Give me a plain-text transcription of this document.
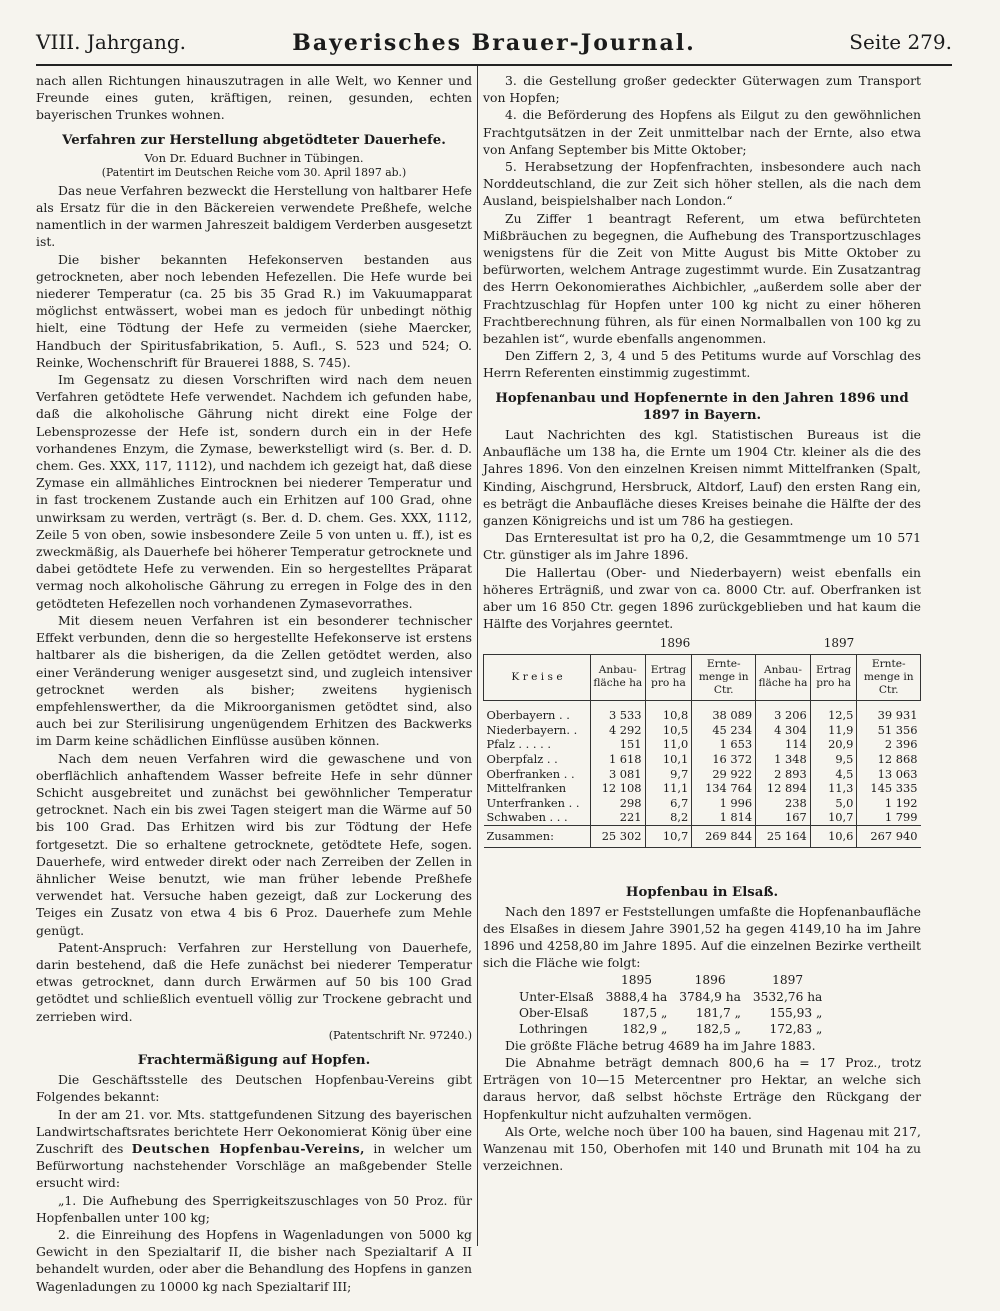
VIII. Jahrgang.	Bayerisches Brauer-Journal.	Seite 279.

nach allen Richtungen hinauszutragen in alle Welt, wo Kenner und Freunde eines guten, kräftigen, reinen, gesunden, echten bayerischen Trunkes wohnen.

Verfahren zur Herstellung abgetödteter Dauerhefe.
Von Dr. Eduard Buchner in Tübingen.
(Patentirt im Deutschen Reiche vom 30. April 1897 ab.)

Das neue Verfahren bezweckt die Herstellung von haltbarer Hefe als Ersatz für die in den Bäckereien verwendete Preßhefe, welche namentlich in der warmen Jahreszeit baldigem Verderben ausgesetzt ist.

Die bisher bekannten Hefekonserven bestanden aus getrockneten, aber noch lebenden Hefezellen. Die Hefe wurde bei niederer Temperatur (ca. 25 bis 35 Grad R.) im Vakuumapparat möglichst entwässert, wobei man es jedoch für unbedingt nöthig hielt, eine Tödtung der Hefe zu vermeiden (siehe Maercker, Handbuch der Spiritusfabrikation, 5. Aufl., S. 523 und 524; O. Reinke, Wochenschrift für Brauerei 1888, S. 745).

Im Gegensatz zu diesen Vorschriften wird nach dem neuen Verfahren getödtete Hefe verwendet. Nachdem ich gefunden habe, daß die alkoholische Gährung nicht direkt eine Folge der Lebensprozesse der Hefe ist, sondern durch ein in der Hefe vorhandenes Enzym, die Zymase, bewerkstelligt wird (s. Ber. d. D. chem. Ges. XXX, 117, 1112), und nachdem ich gezeigt hat, daß diese Zymase ein allmähliches Eintrocknen bei niederer Temperatur und in fast trockenem Zustande auch ein Erhitzen auf 100 Grad, ohne unwirksam zu werden, verträgt (s. Ber. d. D. chem. Ges. XXX, 1112, Zeile 5 von oben, sowie insbesondere Zeile 5 von unten u. ff.), ist es zweckmäßig, als Dauerhefe bei höherer Temperatur getrocknete und dabei getödtete Hefe zu verwenden. Ein so hergestelltes Präparat vermag noch alkoholische Gährung zu erregen in Folge des in den getödteten Hefezellen noch vorhandenen Zymasevorrathes.

Mit diesem neuen Verfahren ist ein besonderer technischer Effekt verbunden, denn die so hergestellte Hefekonserve ist erstens haltbarer als die bisherigen, da die Zellen getödtet werden, also einer Veränderung weniger ausgesetzt sind, und zugleich intensiver getrocknet werden als bisher; zweitens hygienisch empfehlenswerther, da die Mikroorganismen getödtet sind, also auch bei zur Sterilisirung ungenügendem Erhitzen des Backwerks im Darm keine schädlichen Einflüsse ausüben können.

Nach dem neuen Verfahren wird die gewaschene und von oberflächlich anhaftendem Wasser befreite Hefe in sehr dünner Schicht ausgebreitet und zunächst bei gewöhnlicher Temperatur getrocknet. Nach ein bis zwei Tagen steigert man die Wärme auf 50 bis 100 Grad. Das Erhitzen wird bis zur Tödtung der Hefe fortgesetzt. Die so erhaltene getrocknete, getödtete Hefe, sogen. Dauerhefe, wird entweder direkt oder nach Zerreiben der Zellen in ähnlicher Weise benutzt, wie man früher lebende Preßhefe verwendet hat. Versuche haben gezeigt, daß zur Lockerung des Teiges ein Zusatz von etwa 4 bis 6 Proz. Dauerhefe zum Mehle genügt.

Patent-Anspruch: Verfahren zur Herstellung von Dauerhefe, darin bestehend, daß die Hefe zunächst bei niederer Temperatur etwas getrocknet, dann durch Erwärmen auf 50 bis 100 Grad getödtet und schließlich eventuell völlig zur Trockene gebracht und zerrieben wird.

(Patentschrift Nr. 97240.)
Frachtermäßigung auf Hopfen.

Die Geschäftsstelle des Deutschen Hopfenbau-Vereins gibt Folgendes bekannt:

In der am 21. vor. Mts. stattgefundenen Sitzung des bayerischen Landwirtschaftsrates berichtete Herr Oekonomierat König über eine Zuschrift des Deutschen Hopfenbau-Vereins, in welcher um Befürwortung nachstehender Vorschläge an maßgebender Stelle ersucht wird:

„1. Die Aufhebung des Sperrigkeitszuschlages von 50 Proz. für Hopfenballen unter 100 kg;

2. die Einreihung des Hopfens in Wagenladungen von 5000 kg Gewicht in den Spezialtarif II, die bisher nach Spezialtarif A II behandelt wurden, oder aber die Behandlung des Hopfens in ganzen Wagenladungen zu 10000 kg nach Spezialtarif III;

3. die Gestellung großer gedeckter Güterwagen zum Transport von Hopfen;

4. die Beförderung des Hopfens als Eilgut zu den gewöhnlichen Frachtgutsätzen in der Zeit unmittelbar nach der Ernte, also etwa von Anfang September bis Mitte Oktober;

5. Herabsetzung der Hopfenfrachten, insbesondere auch nach Norddeutschland, die zur Zeit sich höher stellen, als die nach dem Ausland, beispielshalber nach London.“

Zu Ziffer 1 beantragt Referent, um etwa befürchteten Mißbräuchen zu begegnen, die Aufhebung des Transportzuschlages wenigstens für die Zeit von Mitte August bis Mitte Oktober zu befürworten, welchem Antrage zugestimmt wurde. Ein Zusatzantrag des Herrn Oekonomierathes Aichbichler, „außerdem solle aber der Frachtzuschlag für Hopfen unter 100 kg nicht zu einer höheren Frachtberechnung führen, als für einen Normalballen von 100 kg zu bezahlen ist“, wurde ebenfalls angenommen.

Den Ziffern 2, 3, 4 und 5 des Petitums wurde auf Vorschlag des Herrn Referenten einstimmig zugestimmt.

Hopfenanbau und Hopfenernte in den Jahren 1896 und 1897 in Bayern.

Laut Nachrichten des kgl. Statistischen Bureaus ist die Anbaufläche um 138 ha, die Ernte um 1904 Ctr. kleiner als die des Jahres 1896. Von den einzelnen Kreisen nimmt Mittelfranken (Spalt, Kinding, Aischgrund, Hersbruck, Altdorf, Lauf) den ersten Rang ein, es beträgt die Anbaufläche dieses Kreises beinahe die Hälfte der des ganzen Königreichs und ist um 786 ha gestiegen.

Das Ernteresultat ist pro ha 0,2, die Gesammtmenge um 10 571 Ctr. günstiger als im Jahre 1896.

Die Hallertau (Ober- und Niederbayern) weist ebenfalls ein höheres Erträgniß, und zwar von ca. 8000 Ctr. auf. Oberfranken ist aber um 16 850 Ctr. gegen 1896 zurückgeblieben und hat kaum die Hälfte des Vorjahres geerntet.

1896	1897
K r e i s e	Anbau-fläche ha	Ertrag pro ha	Ernte-menge in Ctr.	Anbau-fläche ha	Ertrag pro ha	Ernte-menge in Ctr.

Oberbayern . .	3 533	10,8	38 089	3 206	12,5	39 931
Niederbayern. .	4 292	10,5	45 234	4 304	11,9	51 356
Pfalz . . . . .	151	11,0	1 653	114	20,9	2 396
Oberpfalz . .	1 618	10,1	16 372	1 348	9,5	12 868
Oberfranken . .	3 081	9,7	29 922	2 893	4,5	13 063
Mittelfranken	12 108	11,1	134 764	12 894	11,3	145 335
Unterfranken . .	298	6,7	1 996	238	5,0	1 192
Schwaben . . .	221	8,2	1 814	167	10,7	1 799
Zusammen:	25 302	10,7	269 844	25 164	10,6	267 940
Hopfenbau in Elsaß.

Nach den 1897 er Feststellungen umfaßte die Hopfenanbaufläche des Elsaßes in diesem Jahre 3901,52 ha gegen 4149,10 ha im Jahre 1896 und 4258,80 im Jahre 1895. Auf die einzelnen Bezirke vertheilt sich die Fläche wie folgt:

	1895	1896	1897
Unter-Elsaß	3888,4 ha	3784,9 ha	3532,76 ha
Ober-Elsaß	187,5 „	181,7 „	155,93 „
Lothringen	182,9 „	182,5 „	172,83 „

Die größte Fläche betrug 4689 ha im Jahre 1883.

Die Abnahme beträgt demnach 800,6 ha = 17 Proz., trotz Erträgen von 10—15 Metercentner pro Hektar, an welche sich daraus hervor, daß selbst höchste Erträge den Rückgang der Hopfenkultur nicht aufzuhalten vermögen.

Als Orte, welche noch über 100 ha bauen, sind Hagenau mit 217, Wanzenau mit 150, Oberhofen mit 140 und Brunath mit 104 ha zu verzeichnen.
